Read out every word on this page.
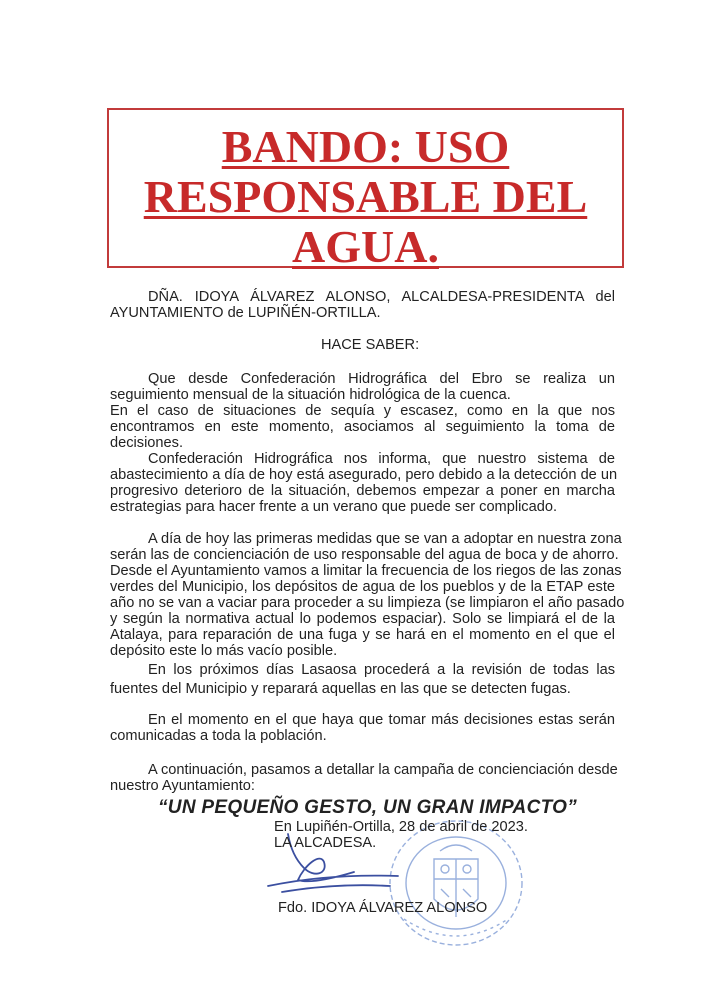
BANDO: USO
RESPONSABLE DEL
AGUA.
DÑA. IDOYA ÁLVAREZ ALONSO, ALCALDESA-PRESIDENTA del
AYUNTAMIENTO de LUPIÑÉN-ORTILLA.
HACE SABER:
Que desde Confederación Hidrográfica del Ebro se realiza un
seguimiento mensual de la situación hidrológica de la cuenca.
En el caso de situaciones de sequía y escasez, como en la que nos
encontramos en este momento, asociamos al seguimiento la toma de
decisiones.
Confederación Hidrográfica nos informa, que nuestro sistema de
abastecimiento a día de hoy está asegurado, pero debido a la detección de un
progresivo deterioro de la situación, debemos empezar a poner en marcha
estrategias para hacer frente a un verano que puede ser complicado.
A día de hoy las primeras medidas que se van a adoptar en nuestra zona
serán las de concienciación de uso responsable del agua de boca y de ahorro.
Desde el Ayuntamiento vamos a limitar la frecuencia de los riegos de las zonas
verdes del Municipio, los depósitos de agua de los pueblos y de la ETAP este
año no se van a vaciar para proceder a su limpieza (se limpiaron el año pasado
y según la normativa actual lo podemos espaciar). Solo se limpiará el de la
Atalaya, para reparación de una fuga y se hará en el momento en el que el
depósito este lo más vacío posible.
En los próximos días Lasaosa procederá a la revisión de todas las
fuentes del Municipio y reparará aquellas en las que se detecten fugas.
En el momento en el que haya que tomar más decisiones estas serán
comunicadas a toda la población.
A continuación, pasamos a detallar la campaña de concienciación desde
nuestro Ayuntamiento:
“UN PEQUEÑO GESTO, UN GRAN IMPACTO”
En Lupiñén-Ortilla, 28 de abril de 2023.
LA ALCADESA.
Fdo. IDOYA ÁLVAREZ ALONSO
